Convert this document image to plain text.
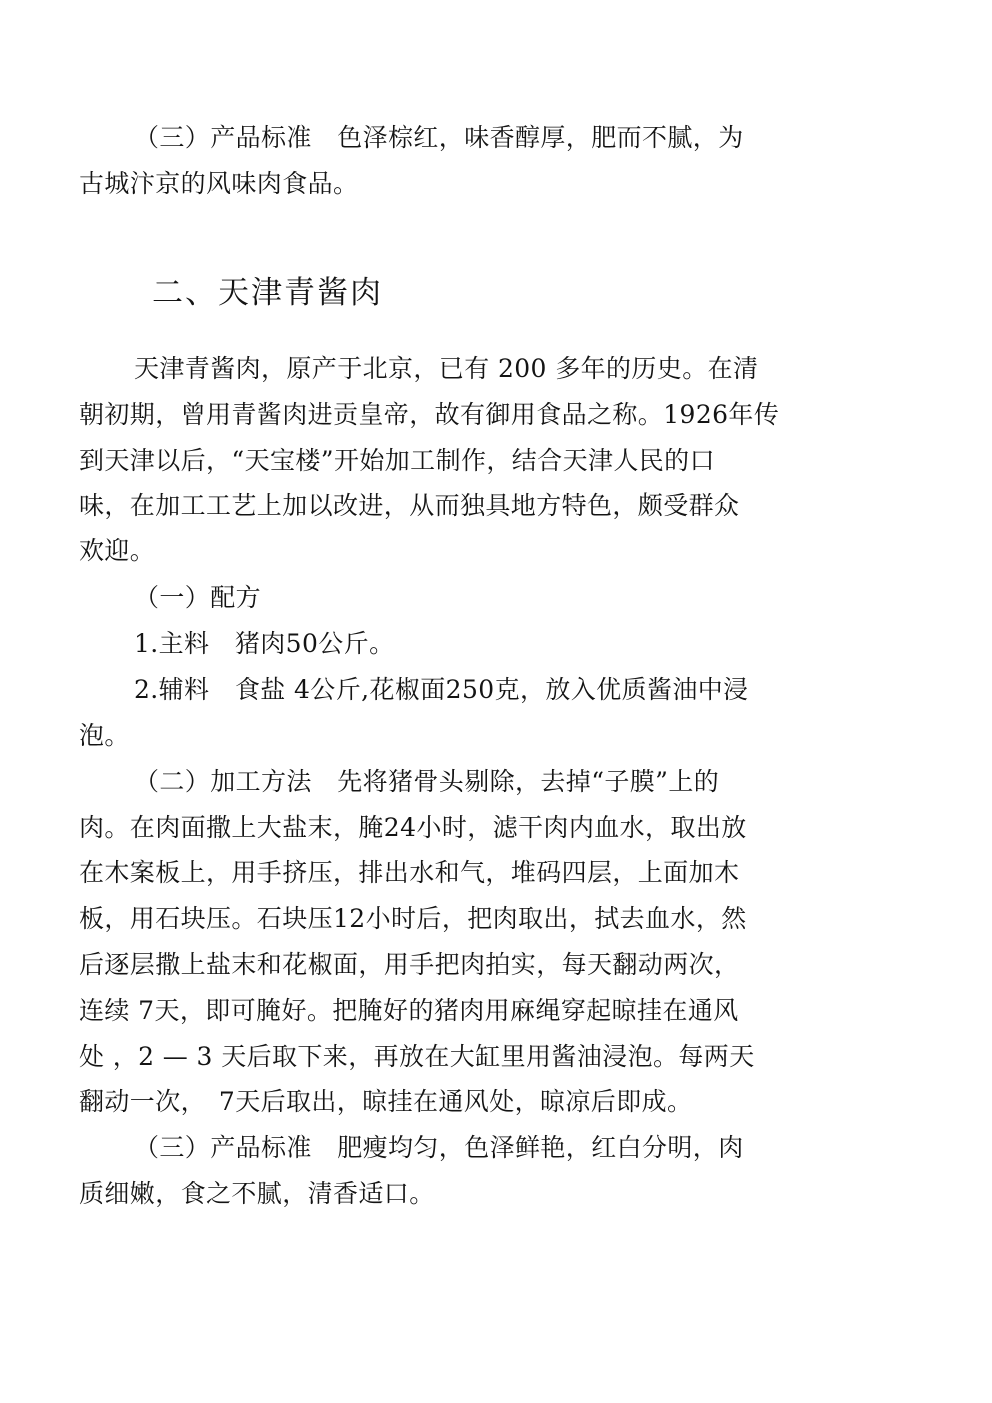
（三）产品标准　色泽棕红，味香醇厚，肥而不腻，为
古城汴京的风味肉食品。
二、天津青酱肉
天津青酱肉，原产于北京，已有 200 多年的历史。在清
朝初期，曾用青酱肉进贡皇帝，故有御用食品之称。1926年传
到天津以后，“天宝楼”开始加工制作，结合天津人民的口
味，在加工工艺上加以改进，从而独具地方特色，颇受群众
欢迎。
（一）配方
1.主料　猪肉50公斤。
2.辅料　食盐 4公斤,花椒面250克，放入优质酱油中浸
泡。
（二）加工方法　先将猪骨头剔除，去掉“子膜”上的
肉。在肉面撒上大盐末，腌24小时，滤干肉内血水，取出放
在木案板上，用手挤压，排出水和气，堆码四层，上面加木
板，用石块压。石块压12小时后，把肉取出，拭去血水，然
后逐层撒上盐末和花椒面，用手把肉拍实，每天翻动两次，
连续 7天，即可腌好。把腌好的猪肉用麻绳穿起晾挂在通风
处 ，2 — 3 天后取下来，再放在大缸里用酱油浸泡。每两天
翻动一次，　7天后取出，晾挂在通风处，晾凉后即成。
（三）产品标准　肥瘦均匀，色泽鲜艳，红白分明，肉
质细嫩，食之不腻，清香适口。
